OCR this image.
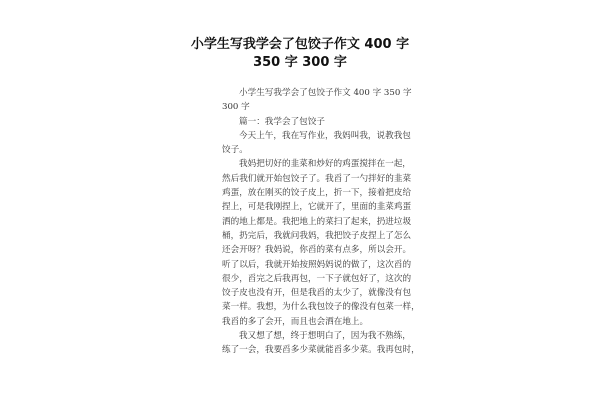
小学生写我学会了包饺子作文 400 字
350 字 300 字
小学生写我学会了包饺子作文 400 字 350 字
300 字
篇一：我学会了包饺子
今天上午，我在写作业，我妈叫我，说教我包
饺子。
我妈把切好的韭菜和炒好的鸡蛋搅拌在一起，
然后我们就开始包饺子了。我舀了一勺拌好的韭菜
鸡蛋，放在刚买的饺子皮上，折一下，接着把皮给
捏上，可是我刚捏上，它就开了，里面的韭菜鸡蛋
洒的地上都是。我把地上的菜扫了起来，扔进垃圾
桶，扔完后，我就问我妈，我把饺子皮捏上了怎么
还会开呀？我妈说，你舀的菜有点多，所以会开。
听了以后，我就开始按照妈妈说的做了，这次舀的
很少，舀完之后我再包，一下子就包好了，这次的
饺子皮也没有开，但是我舀的太少了，就像没有包
菜一样。我想，为什么我包饺子的像没有包菜一样，
我舀的多了会开，而且也会洒在地上。
我又想了想，终于想明白了，因为我不熟练，
练了一会，我要舀多少菜就能舀多少菜。我再包时，
